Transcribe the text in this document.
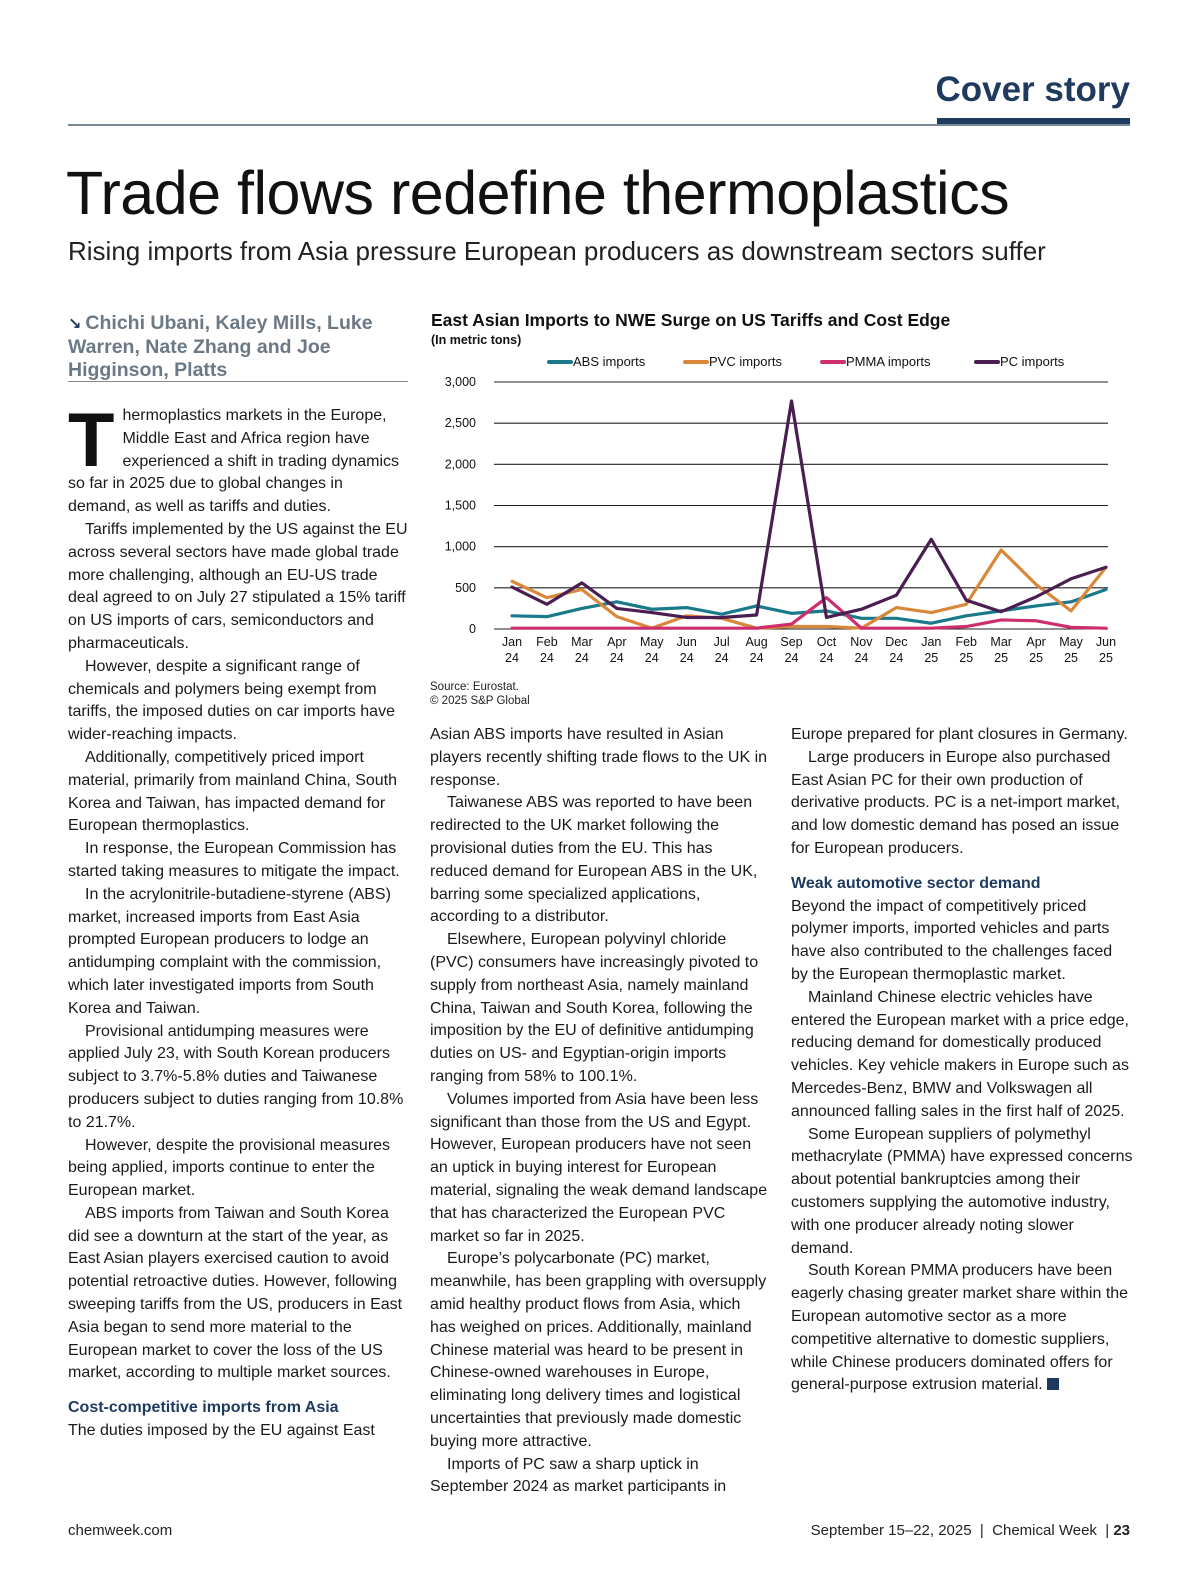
Cover story
Trade flows redefine thermoplastics
Rising imports from Asia pressure European producers as downstream sectors suffer
↘ Chichi Ubani, Kaley Mills, Luke Warren, Nate Zhang and Joe Higginson, Platts

Thermoplastics markets in the Europe, Middle East and Africa region have experienced a shift in trading dynamics so far in 2025 due to global changes in demand, as well as tariffs and duties.

Tariffs implemented by the US against the EU across several sectors have made global trade more challenging, although an EU-US trade deal agreed to on July 27 stipulated a 15% tariff on US imports of cars, semiconductors and pharmaceuticals.

However, despite a significant range of chemicals and polymers being exempt from tariffs, the imposed duties on car imports have wider-reaching impacts.

Additionally, competitively priced import material, primarily from mainland China, South Korea and Taiwan, has impacted demand for European thermoplastics.

In response, the European Commission has started taking measures to mitigate the impact.

In the acrylonitrile-butadiene-styrene (ABS) market, increased imports from East Asia prompted European producers to lodge an antidumping complaint with the commission, which later investigated imports from South Korea and Taiwan.

Provisional antidumping measures were applied July 23, with South Korean producers subject to 3.7%-5.8% duties and Taiwanese producers subject to duties ranging from 10.8% to 21.7%.

However, despite the provisional measures being applied, imports continue to enter the European market.

ABS imports from Taiwan and South Korea did see a downturn at the start of the year, as East Asian players exercised caution to avoid potential retroactive duties. However, following sweeping tariffs from the US, producers in East Asia began to send more material to the European market to cover the loss of the US market, according to multiple market sources.

Cost-competitive imports from Asia

The duties imposed by the EU against East

0
500
1,000
1,500
2,000
2,500
3,000
Jan
24
Feb
24
Mar
24
Apr
24
May
24
Jun
24
Jul
24
Aug
24
Sep
24
Oct
24
Nov
24
Dec
24
Jan
25
Feb
25
Mar
25
Apr
25
May
25
Jun
25
ABS imports	PVC imports	PMMA imports	PC imports
East Asian Imports to NWE Surge on US Tariffs and Cost Edge
(In metric tons)
Source: Eurostat.
© 2025 S&P Global

Asian ABS imports have resulted in Asian players recently shifting trade flows to the UK in response.

Taiwanese ABS was reported to have been redirected to the UK market following the provisional duties from the EU. This has reduced demand for European ABS in the UK, barring some specialized applications, according to a distributor.

Elsewhere, European polyvinyl chloride (PVC) consumers have increasingly pivoted to supply from northeast Asia, namely mainland China, Taiwan and South Korea, following the imposition by the EU of definitive antidumping duties on US- and Egyptian-origin imports ranging from 58% to 100.1%.

Volumes imported from Asia have been less significant than those from the US and Egypt. However, European producers have not seen an uptick in buying interest for European material, signaling the weak demand landscape that has characterized the European PVC market so far in 2025.

Europe’s polycarbonate (PC) market, meanwhile, has been grappling with oversupply amid healthy product flows from Asia, which has weighed on prices. Additionally, mainland Chinese material was heard to be present in Chinese-owned warehouses in Europe, eliminating long delivery times and logistical uncertainties that previously made domestic buying more attractive.

Imports of PC saw a sharp uptick in September 2024 as market participants in

Europe prepared for plant closures in Germany.

Large producers in Europe also purchased East Asian PC for their own production of derivative products. PC is a net-import market, and low domestic demand has posed an issue for European producers.

Weak automotive sector demand

Beyond the impact of competitively priced polymer imports, imported vehicles and parts have also contributed to the challenges faced by the European thermoplastic market.

Mainland Chinese electric vehicles have entered the European market with a price edge, reducing demand for domestically produced vehicles. Key vehicle makers in Europe such as Mercedes-Benz, BMW and Volkswagen all announced falling sales in the first half of 2025.

Some European suppliers of polymethyl methacrylate (PMMA) have expressed concerns about potential bankruptcies among their customers supplying the automotive industry, with one producer already noting slower demand.

South Korean PMMA producers have been eagerly chasing greater market share within the European automotive sector as a more competitive alternative to domestic suppliers, while Chinese producers dominated offers for general-purpose extrusion material.

chemweek.com	September 15–22, 2025  |  Chemical Week  | 23
